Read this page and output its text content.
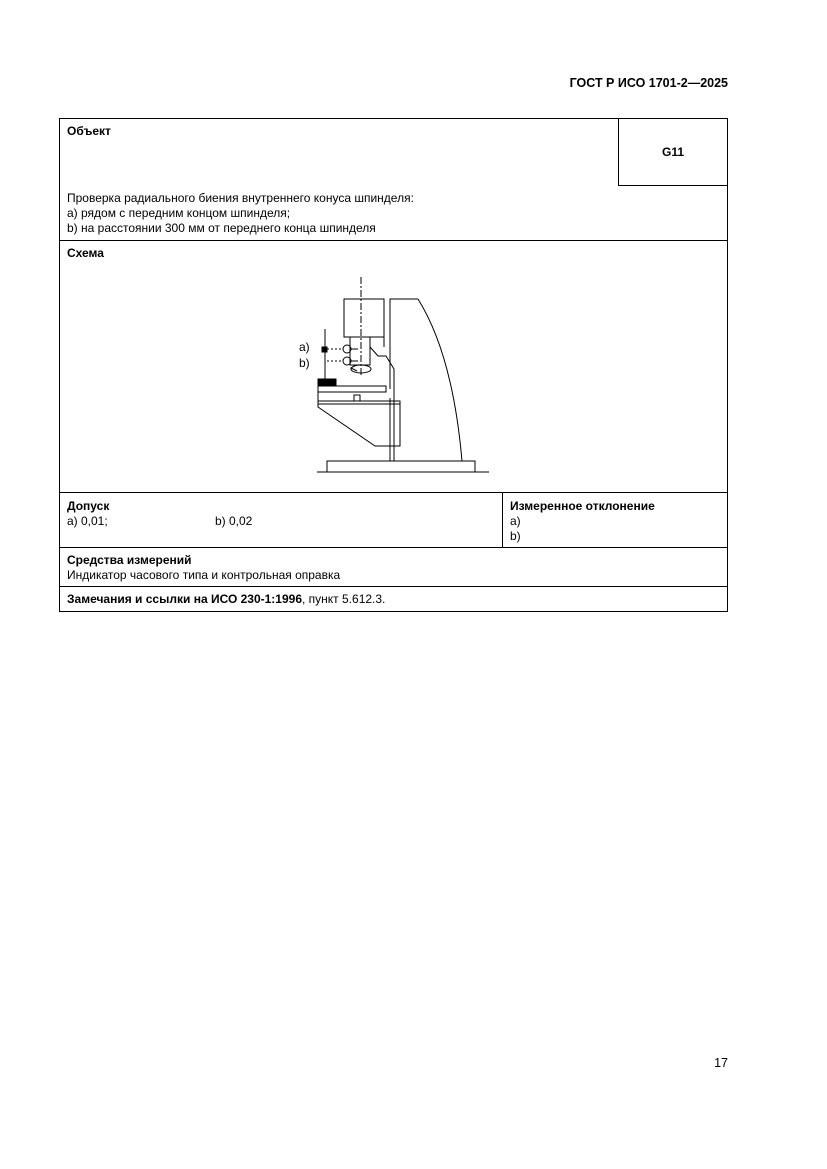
ГОСТ Р ИСО 1701-2—2025
Объект
G11
Проверка радиального биения внутреннего конуса шпинделя:
a) рядом с передним концом шпинделя;
b) на расстоянии 300 мм от переднего конца шпинделя
Схема
a)
b)
Допуск
a) 0,01;	b) 0,02
Измеренное отклонение
a)
b)
Средства измерений
Индикатор часового типа и контрольная оправка
Замечания и ссылки на ИСО 230-1:1996, пункт 5.612.3.
17
